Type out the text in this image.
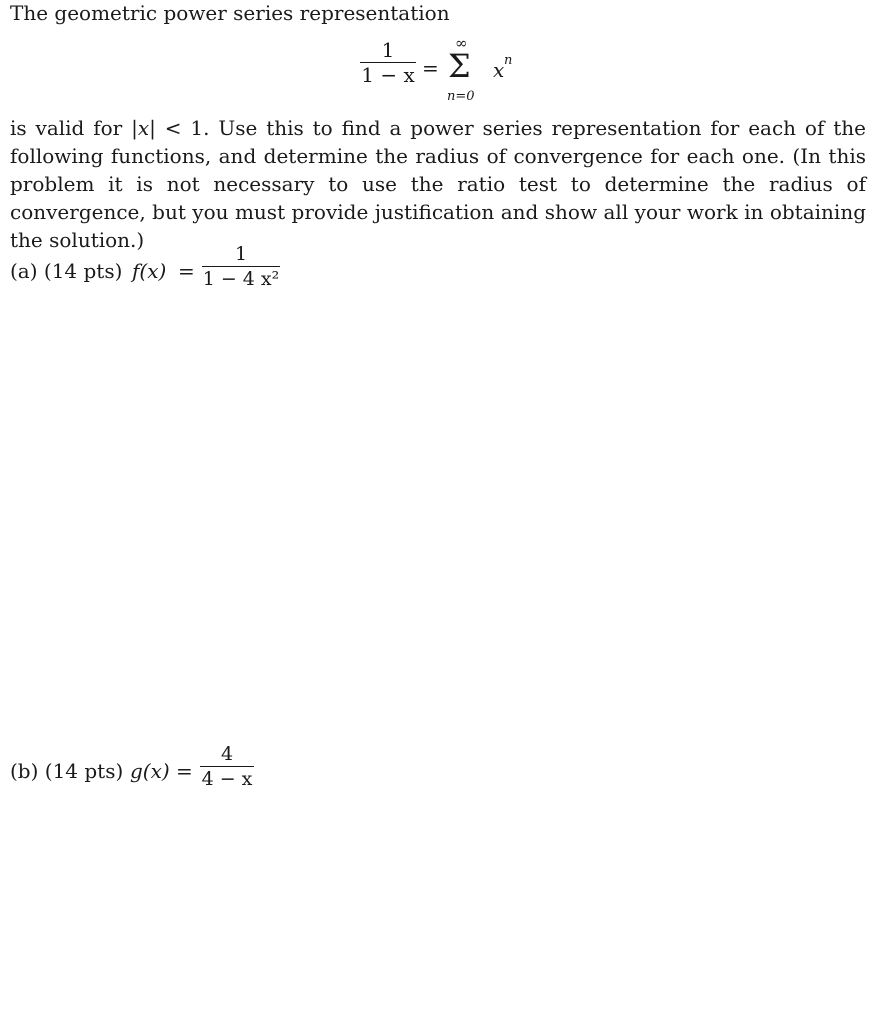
The geometric power series representation
1
1 − x =
∞
Σ
n=0
x n

is valid for |x| < 1. Use this to find a power series representation for each of the following functions, and determine the radius of convergence for each one. (In this problem it is not necessary to use the ratio test to determine the radius of convergence, but you must provide justification and show all your work in obtaining the solution.)

(a) (14 pts) f(x) =
1
1 − 4 x²
(b) (14 pts) g(x) =
4
4 − x
